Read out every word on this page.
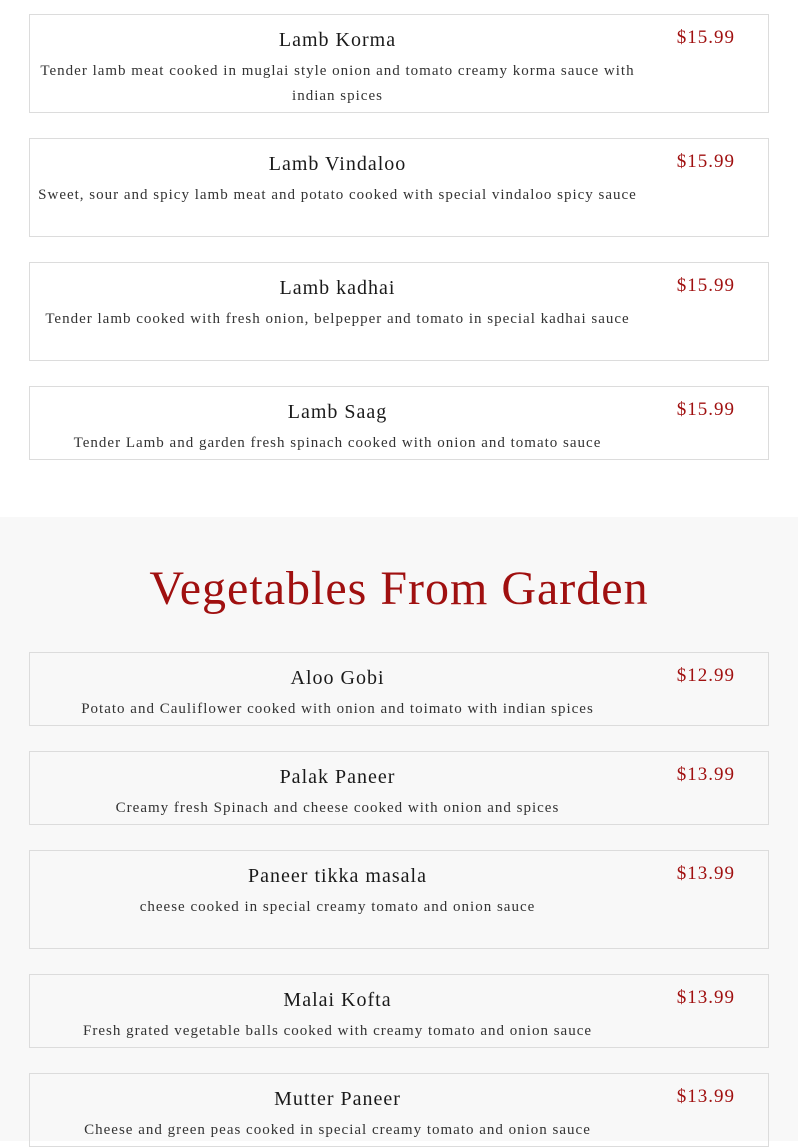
Lamb Korma

Tender lamb meat cooked in muglai style onion and tomato creamy korma sauce with indian spices

$15.99

Lamb Vindaloo

Sweet, sour and spicy lamb meat and potato cooked with special vindaloo spicy sauce

$15.99

Lamb kadhai

Tender lamb cooked with fresh onion, belpepper and tomato in special kadhai sauce

$15.99

Lamb Saag

Tender Lamb and garden fresh spinach cooked with onion and tomato sauce

$15.99
Vegetables From Garden

Aloo Gobi

Potato and Cauliflower cooked with onion and toimato with indian spices

$12.99

Palak Paneer

Creamy fresh Spinach and cheese cooked with onion and spices

$13.99

Paneer tikka masala

cheese cooked in special creamy tomato and onion sauce

$13.99

Malai Kofta

Fresh grated vegetable balls cooked with creamy tomato and onion sauce

$13.99

Mutter Paneer

Cheese and green peas cooked in special creamy tomato and onion sauce

$13.99
